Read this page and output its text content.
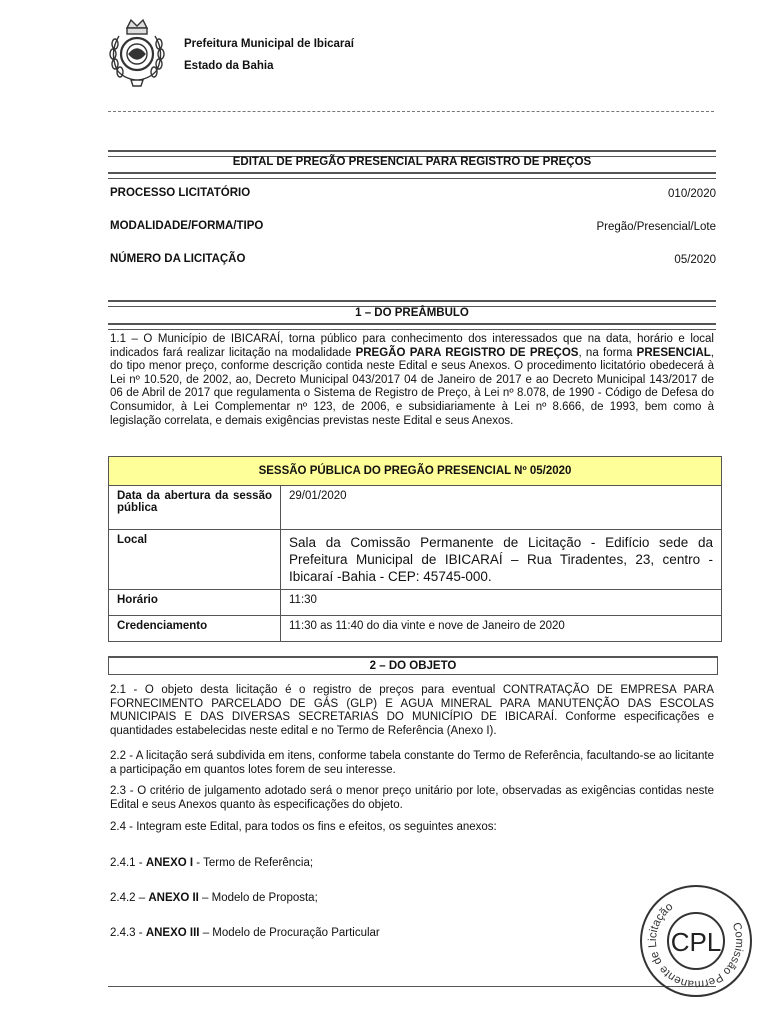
Prefeitura Municipal de Ibicaraí
Estado da Bahia
EDITAL DE PREGÃO PRESENCIAL PARA REGISTRO DE PREÇOS
PROCESSO LICITATÓRIO	010/2020
MODALIDADE/FORMA/TIPO	Pregão/Presencial/Lote
NÚMERO DA LICITAÇÃO	05/2020
1 – DO PREÂMBULO

1.1 – O Município de IBICARAÍ, torna público para conhecimento dos interessados que na data, horário e local indicados fará realizar licitação na modalidade PREGÃO PARA REGISTRO DE PREÇOS, na forma PRESENCIAL, do tipo menor preço, conforme descrição contida neste Edital e seus Anexos. O procedimento licitatório obedecerá à Lei nº 10.520, de 2002, ao, Decreto Municipal 043/2017 04 de Janeiro de 2017 e ao Decreto Municipal 143/2017 de 06 de Abril de 2017 que regulamenta o Sistema de Registro de Preço, à Lei nº 8.078, de 1990 - Código de Defesa do Consumidor, à Lei Complementar nº 123, de 2006, e subsidiariamente à Lei nº 8.666, de 1993, bem como à legislação correlata, e demais exigências previstas neste Edital e seus Anexos.

SESSÃO PÚBLICA DO PREGÃO PRESENCIAL Nº 05/2020	
Data da abertura da sessão pública	29/01/2020
Local	Sala da Comissão Permanente de Licitação - Edifício sede da Prefeitura Municipal de IBICARAÍ – Rua Tiradentes, 23, centro - Ibicaraí -Bahia - CEP: 45745-000.
Horário	11:30
Credenciamento	11:30 as 11:40 do dia vinte e nove de Janeiro de 2020
2 – DO OBJETO

2.1 - O objeto desta licitação é o registro de preços para eventual CONTRATAÇÃO DE EMPRESA PARA FORNECIMENTO PARCELADO DE GÁS (GLP) E AGUA MINERAL PARA MANUTENÇÃO DAS ESCOLAS MUNICIPAIS E DAS DIVERSAS SECRETARIAS DO MUNICÍPIO DE IBICARAÍ. Conforme especificações e quantidades estabelecidas neste edital e no Termo de Referência (Anexo I).

2.2 - A licitação será subdivida em itens, conforme tabela constante do Termo de Referência, facultando-se ao licitante a participação em quantos lotes forem de seu interesse.

2.3 - O critério de julgamento adotado será o menor preço unitário por lote, observadas as exigências contidas neste Edital e seus Anexos quanto às especificações do objeto.

2.4 - Integram este Edital, para todos os fins e efeitos, os seguintes anexos:

2.4.1 - ANEXO I - Termo de Referência;

2.4.2 – ANEXO II – Modelo de Proposta;

2.4.3 - ANEXO III – Modelo de Procuração Particular

Comissão Permanente de Licitação
CPL
